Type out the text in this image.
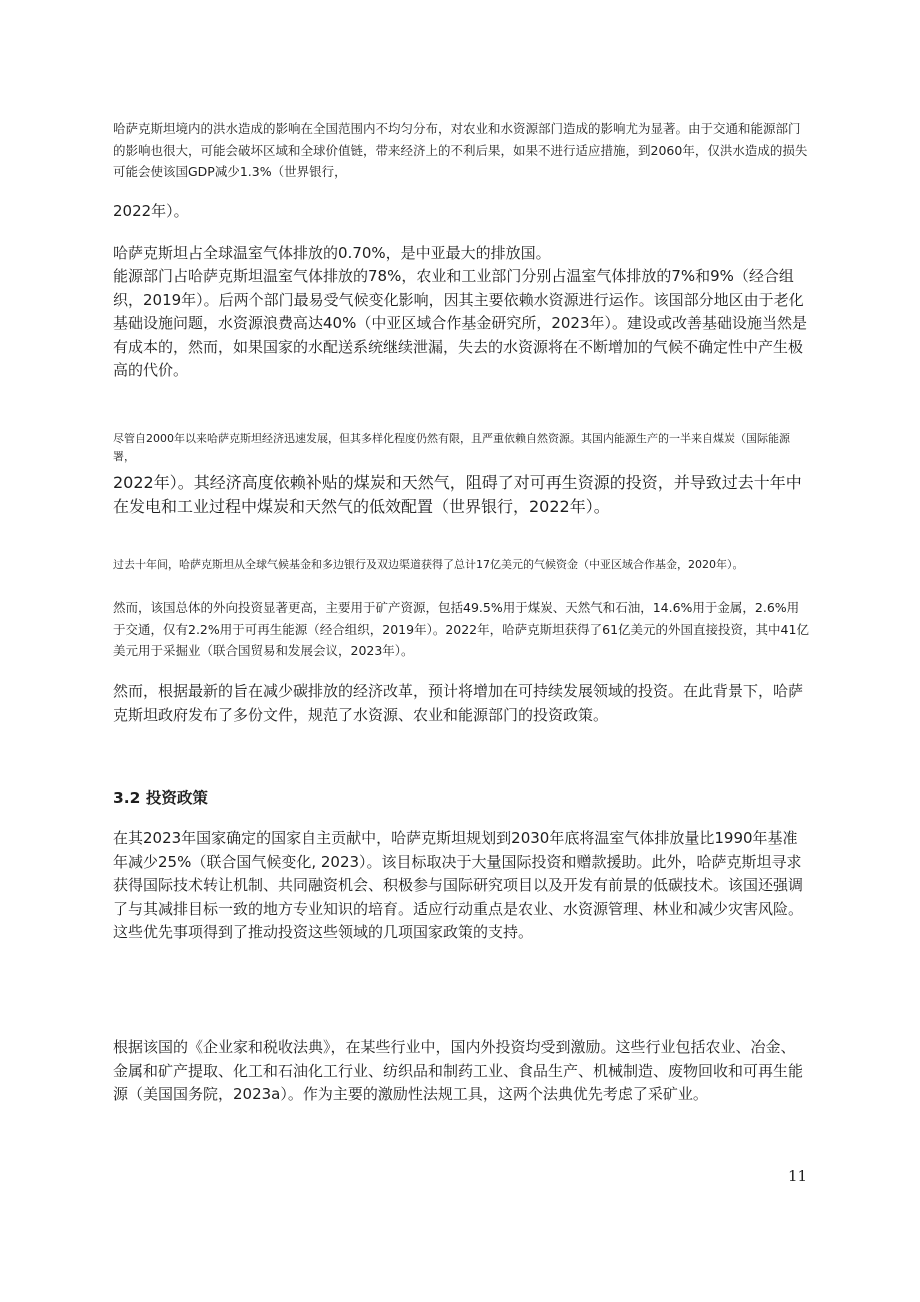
哈萨克斯坦境内的洪水造成的影响在全国范围内不均匀分布，对农业和水资源部门造成的影响尤为显著。由于交通和能源部门的影响也很大，可能会破坏区域和全球价值链，带来经济上的不利后果，如果不进行适应措施，到2060年，仅洪水造成的损失可能会使该国GDP减少1.3%（世界银行，

2022年）。

哈萨克斯坦占全球温室气体排放的0.70%，是中亚最大的排放国。

能源部门占哈萨克斯坦温室气体排放的78%，农业和工业部门分别占温室气体排放的7%和9%（经合组织，2019年）。后两个部门最易受气候变化影响，因其主要依赖水资源进行运作。该国部分地区由于老化基础设施问题，水资源浪费高达40%（中亚区域合作基金研究所，2023年）。建设或改善基础设施当然是有成本的，然而，如果国家的水配送系统继续泄漏，失去的水资源将在不断增加的气候不确定性中产生极高的代价。

尽管自2000年以来哈萨克斯坦经济迅速发展，但其多样化程度仍然有限，且严重依赖自然资源。其国内能源生产的一半来自煤炭（国际能源署，

2022年）。其经济高度依赖补贴的煤炭和天然气，阻碍了对可再生资源的投资，并导致过去十年中在发电和工业过程中煤炭和天然气的低效配置（世界银行，2022年）。

过去十年间，哈萨克斯坦从全球气候基金和多边银行及双边渠道获得了总计17亿美元的气候资金（中亚区域合作基金，2020年）。

然而，该国总体的外向投资显著更高，主要用于矿产资源，包括49.5%用于煤炭、天然气和石油，14.6%用于金属，2.6%用于交通，仅有2.2%用于可再生能源（经合组织，2019年）。2022年，哈萨克斯坦获得了61亿美元的外国直接投资，其中41亿美元用于采掘业（联合国贸易和发展会议，2023年）。

然而，根据最新的旨在减少碳排放的经济改革，预计将增加在可持续发展领域的投资。在此背景下，哈萨克斯坦政府发布了多份文件，规范了水资源、农业和能源部门的投资政策。

3.2 投资政策

在其2023年国家确定的国家自主贡献中，哈萨克斯坦规划到2030年底将温室气体排放量比1990年基准年减少25%（联合国气候变化, 2023）。该目标取决于大量国际投资和赠款援助。此外，哈萨克斯坦寻求获得国际技术转让机制、共同融资机会、积极参与国际研究项目以及开发有前景的低碳技术。该国还强调了与其减排目标一致的地方专业知识的培育。适应行动重点是农业、水资源管理、林业和减少灾害风险。这些优先事项得到了推动投资这些领域的几项国家政策的支持。

根据该国的《企业家和税收法典》，在某些行业中，国内外投资均受到激励。这些行业包括农业、冶金、金属和矿产提取、化工和石油化工行业、纺织品和制药工业、食品生产、机械制造、废物回收和可再生能源（美国国务院，2023a）。作为主要的激励性法规工具，这两个法典优先考虑了采矿业。

11
